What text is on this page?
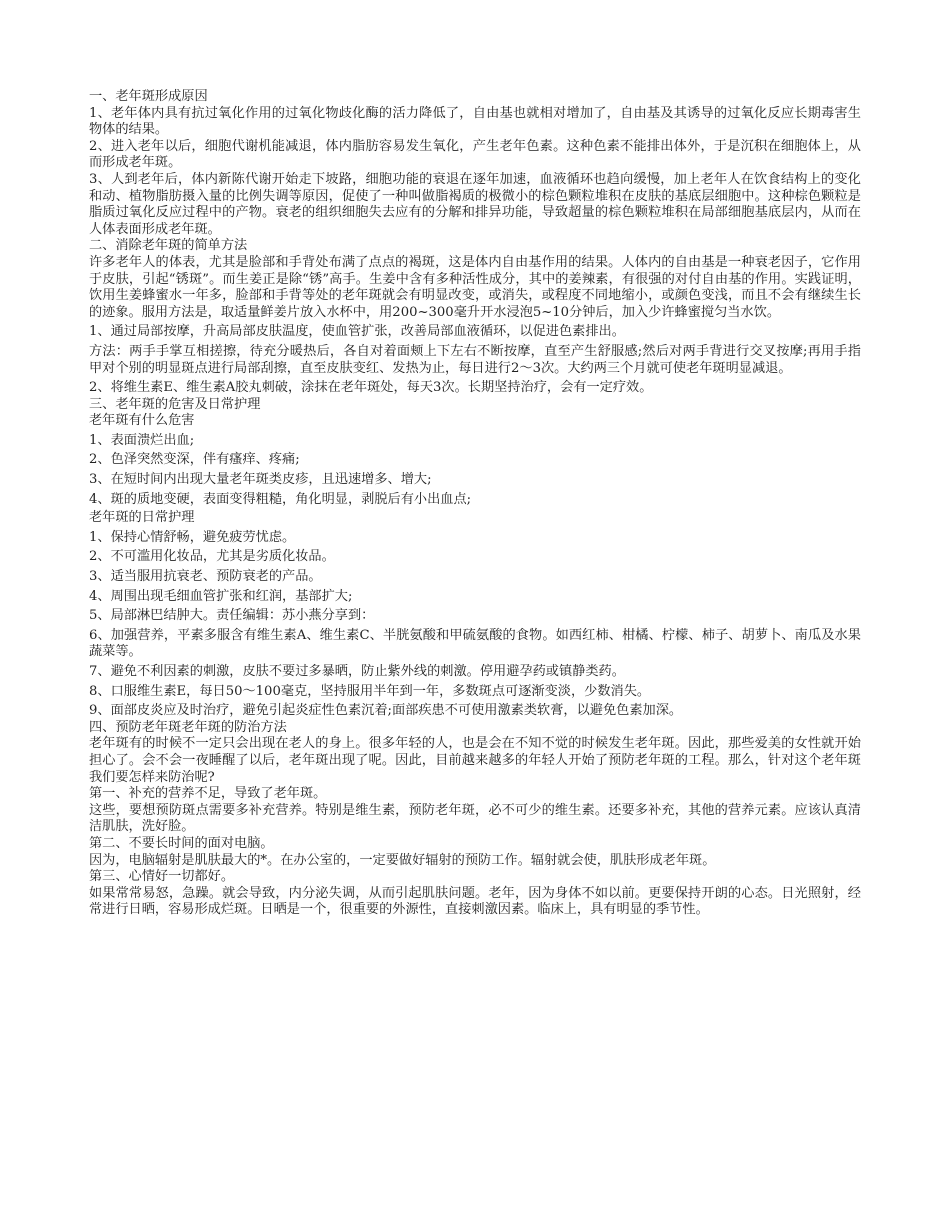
一、老年斑形成原因

1、老年体内具有抗过氧化作用的过氧化物歧化酶的活力降低了，自由基也就相对增加了，自由基及其诱导的过氧化反应长期毒害生物体的结果。

2、进入老年以后，细胞代谢机能减退，体内脂肪容易发生氧化，产生老年色素。这种色素不能排出体外，于是沉积在细胞体上，从而形成老年斑。

3、人到老年后，体内新陈代谢开始走下坡路，细胞功能的衰退在逐年加速，血液循环也趋向缓慢，加上老年人在饮食结构上的变化和动、植物脂肪摄入量的比例失调等原因，促使了一种叫做脂褐质的极微小的棕色颗粒堆积在皮肤的基底层细胞中。这种棕色颗粒是脂质过氧化反应过程中的产物。衰老的组织细胞失去应有的分解和排异功能，导致超量的棕色颗粒堆积在局部细胞基底层内，从而在人体表面形成老年斑。

二、消除老年斑的简单方法

许多老年人的体表，尤其是脸部和手背处布满了点点的褐斑，这是体内自由基作用的结果。人体内的自由基是一种衰老因子，它作用于皮肤，引起“锈斑”。而生姜正是除“锈”高手。生姜中含有多种活性成分，其中的姜辣素，有很强的对付自由基的作用。实践证明，饮用生姜蜂蜜水一年多，脸部和手背等处的老年斑就会有明显改变，或消失，或程度不同地缩小，或颜色变浅，而且不会有继续生长的迹象。服用方法是，取适量鲜姜片放入水杯中，用200~300毫升开水浸泡5~10分钟后，加入少许蜂蜜搅匀当水饮。

1、通过局部按摩，升高局部皮肤温度，使血管扩张，改善局部血液循环，以促进色素排出。

方法：两手手掌互相搓擦，待充分暖热后，各自对着面颊上下左右不断按摩，直至产生舒服感;然后对两手背进行交叉按摩;再用手指甲对个别的明显斑点进行局部刮擦，直至皮肤变红、发热为止，每日进行2～3次。大约两三个月就可使老年斑明显减退。

2、将维生素E、维生素A胶丸刺破，涂抹在老年斑处，每天3次。长期坚持治疗，会有一定疗效。

三、老年斑的危害及日常护理

老年斑有什么危害

1、表面溃烂出血;

2、色泽突然变深，伴有瘙痒、疼痛;

3、在短时间内出现大量老年斑类皮疹，且迅速增多、增大;

4、斑的质地变硬，表面变得粗糙，角化明显，剥脱后有小出血点;

老年斑的日常护理

1、保持心情舒畅，避免疲劳忧虑。

2、不可滥用化妆品，尤其是劣质化妆品。

3、适当服用抗衰老、预防衰老的产品。

4、周围出现毛细血管扩张和红润，基部扩大;

5、局部淋巴结肿大。责任编辑：苏小燕分享到：

6、加强营养，平素多服含有维生素A、维生素C、半胱氨酸和甲硫氨酸的食物。如西红柿、柑橘、柠檬、柿子、胡萝卜、南瓜及水果蔬菜等。

7、避免不利因素的刺激，皮肤不要过多暴晒，防止紫外线的刺激。停用避孕药或镇静类药。

8、口服维生素E，每日50～100毫克，坚持服用半年到一年，多数斑点可逐渐变淡，少数消失。

9、面部皮炎应及时治疗，避免引起炎症性色素沉着;面部疾患不可使用激素类软膏，以避免色素加深。

四、预防老年斑老年斑的防治方法

老年斑有的时候不一定只会出现在老人的身上。很多年轻的人，也是会在不知不觉的时候发生老年斑。因此，那些爱美的女性就开始担心了。会不会一夜睡醒了以后，老年斑出现了呢。因此，目前越来越多的年轻人开始了预防老年斑的工程。那么，针对这个老年斑我们要怎样来防治呢?

第一、补充的营养不足，导致了老年斑。

这些，要想预防斑点需要多补充营养。特别是维生素，预防老年斑，必不可少的维生素。还要多补充，其他的营养元素。应该认真清洁肌肤，洗好脸。

第二、不要长时间的面对电脑。

因为，电脑辐射是肌肤最大的*。在办公室的，一定要做好辐射的预防工作。辐射就会使，肌肤形成老年斑。

第三、心情好一切都好。

如果常常易怒，急躁。就会导致，内分泌失调，从而引起肌肤问题。老年，因为身体不如以前。更要保持开朗的心态。日光照射，经常进行日晒，容易形成烂斑。日晒是一个，很重要的外源性，直接刺激因素。临床上，具有明显的季节性。
